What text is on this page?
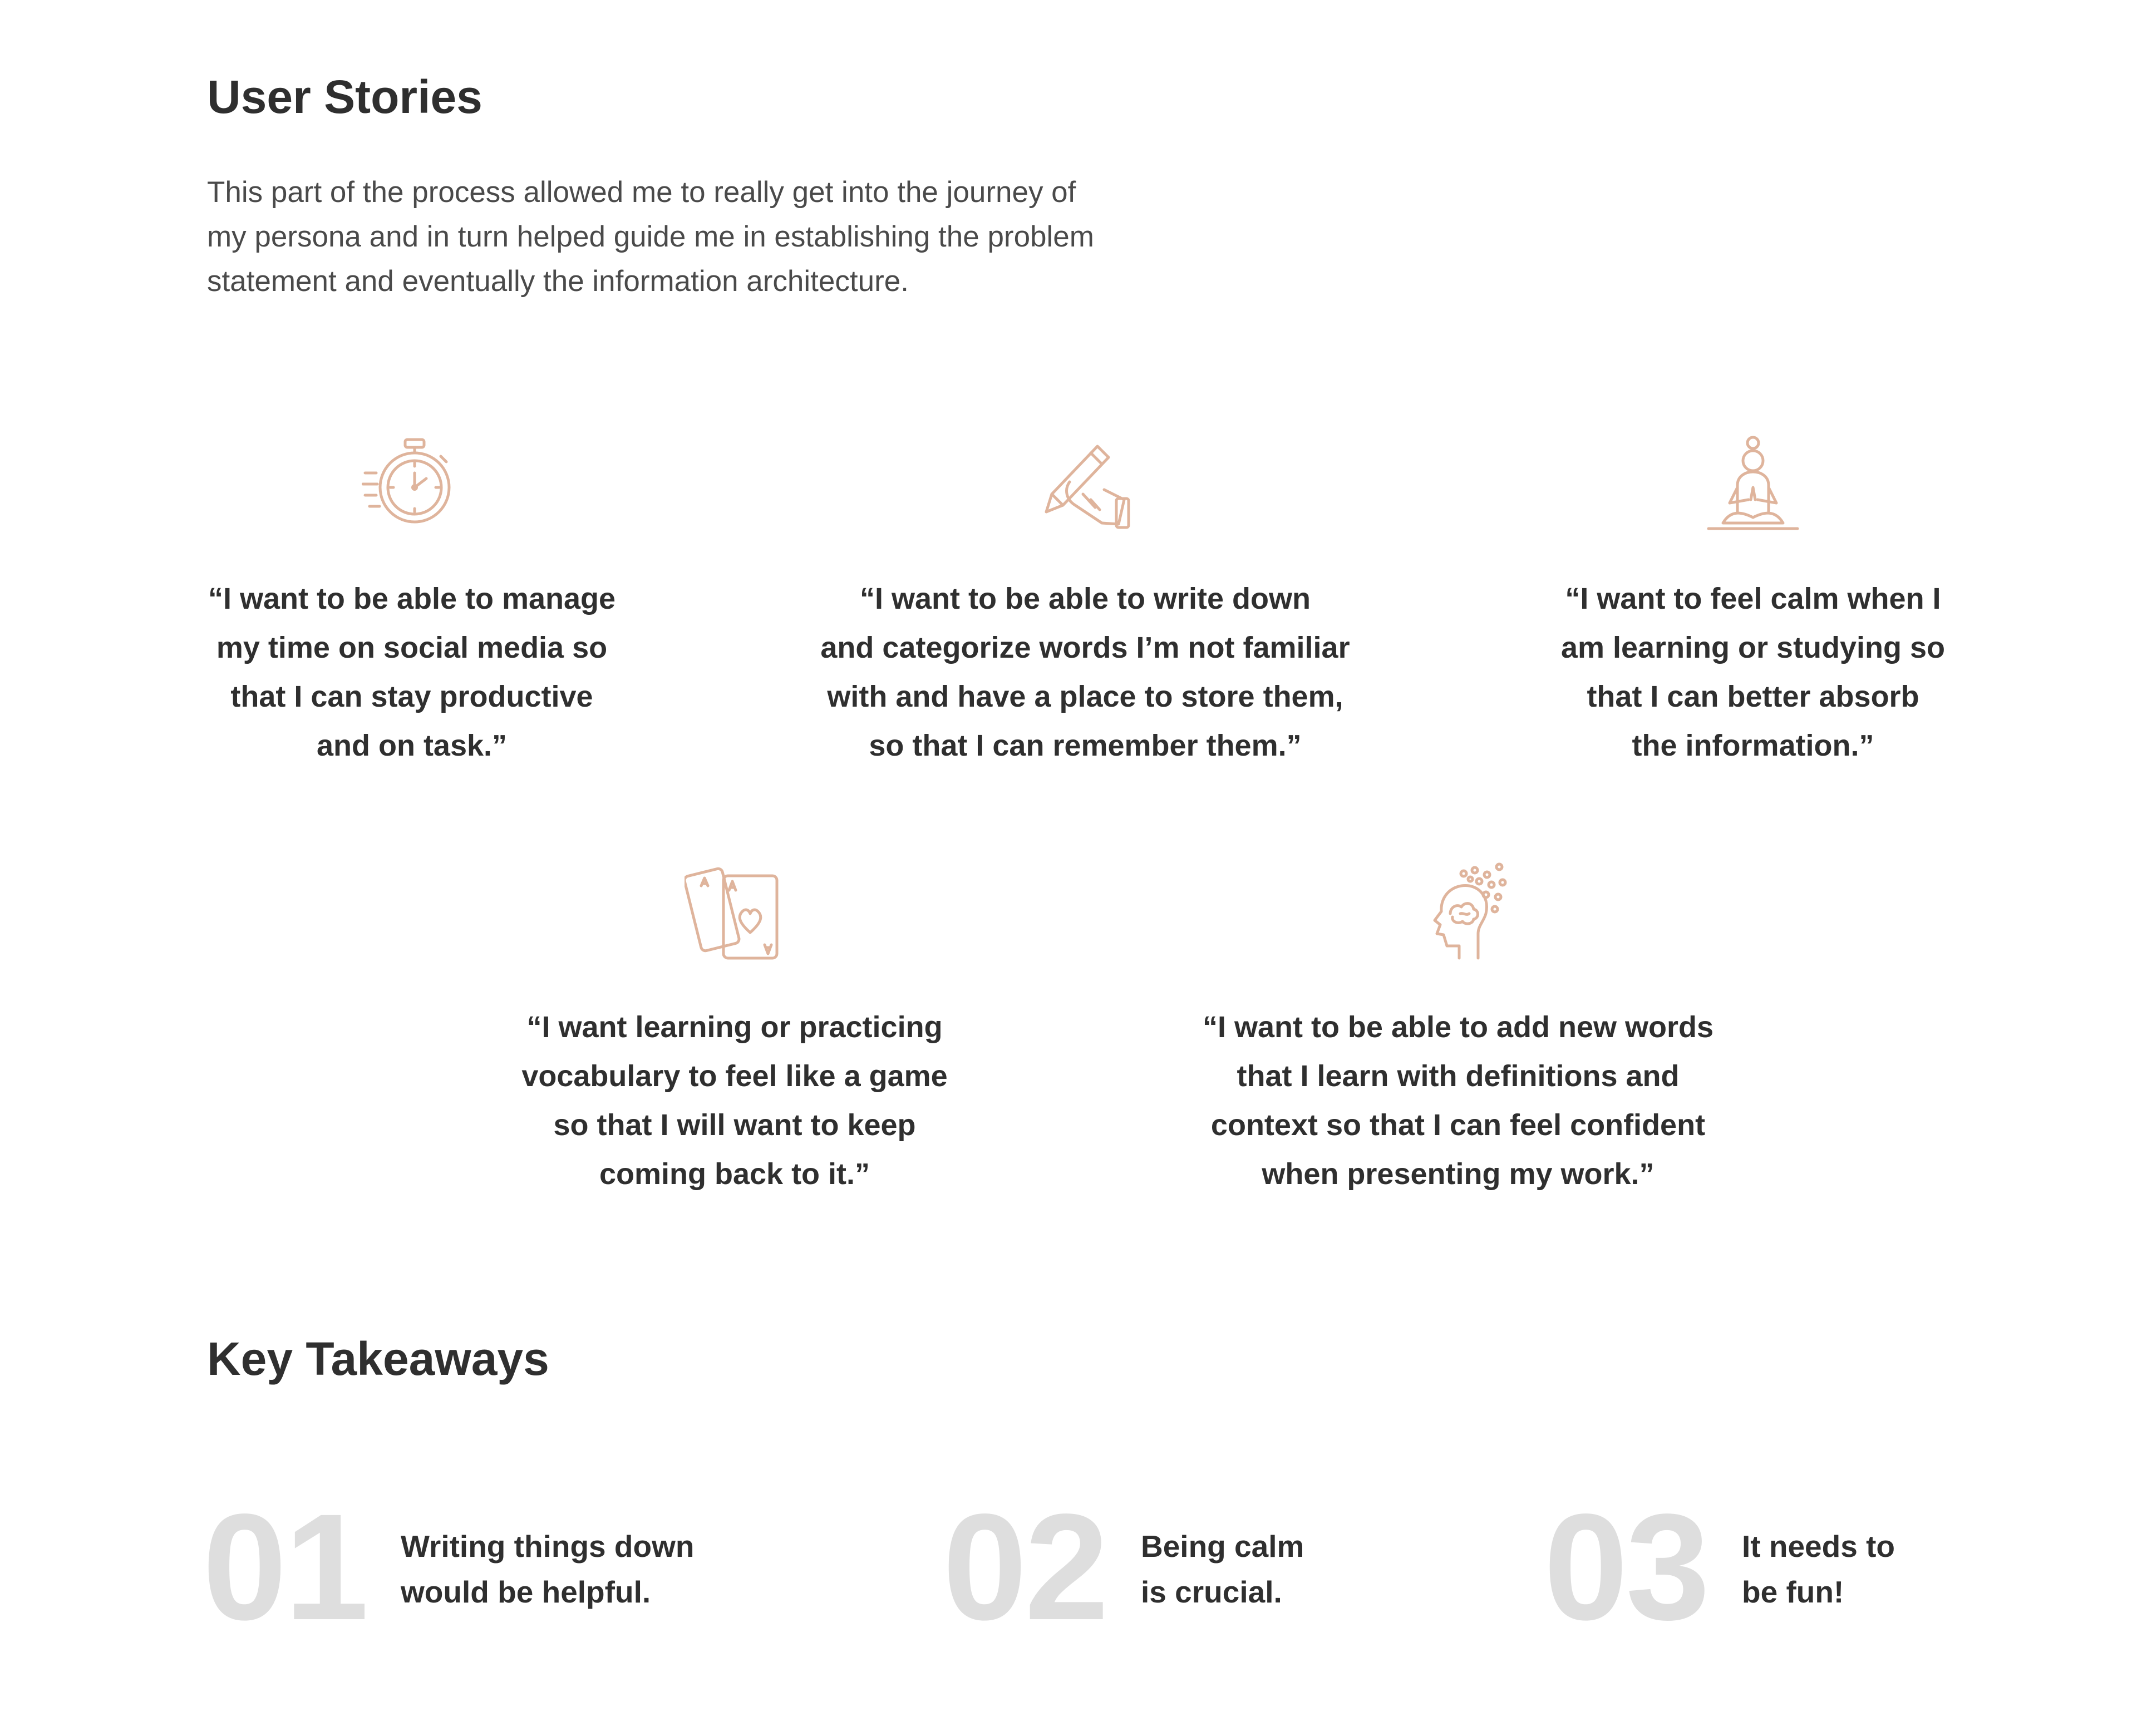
User Stories

This part of the process allowed me to really get into the journey of my persona and in turn helped guide me in establishing the problem statement and eventually the information architecture.

“I want to be able to manage
my time on social media so
that I can stay productive
and on task.”

“I want to be able to write down
and categorize words I’m not familiar
with and have a place to store them,
so that I can remember them.”

“I want to feel calm when I
am learning or studying so
that I can better absorb
the information.”

“I want learning or practicing
vocabulary to feel like a game
so that I will want to keep
coming back to it.”

“I want to be able to add new words
that I learn with definitions and
context so that I can feel confident
when presenting my work.”

Key Takeaways
01 Writing things down
would be helpful.	02 Being calm
is crucial.	03 It needs to
be fun!
